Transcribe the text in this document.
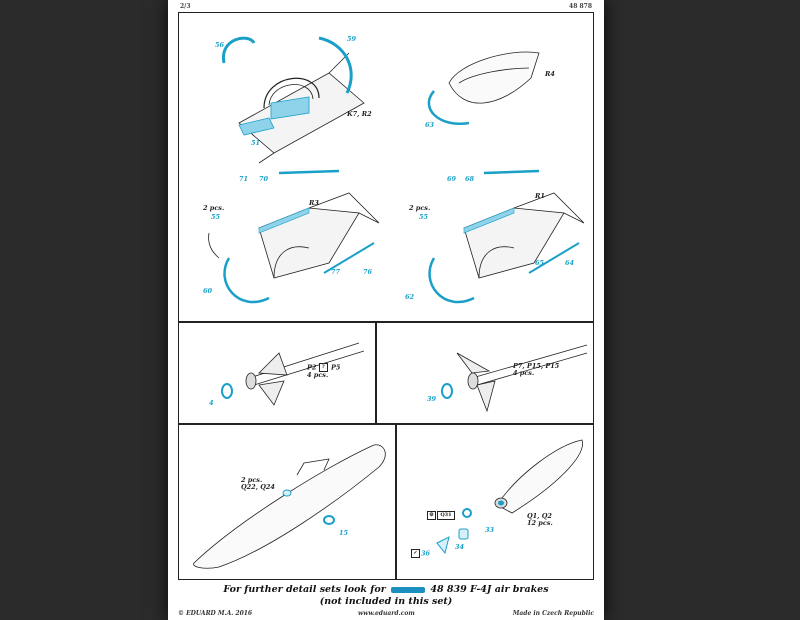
2/3	48 878
56
59
51
K7, R2
R4
63
71 70
2 pcs.
55
R3
60
77	76
69 68
2 pcs.
55
R1
65	64
62
P2 ? P5
4 pcs.
4
P7, P15, P15
4 pcs.
39
2 pcs.
Q22, Q24
15
Q1, Q2
12 pcs.
⚙ Q31
33
34
✓ 36
For further detail sets look for	48 839 F-4J air brakes
(not included in this set)
© EDUARD M.A. 2016	www.eduard.com	Made in Czech Republic
